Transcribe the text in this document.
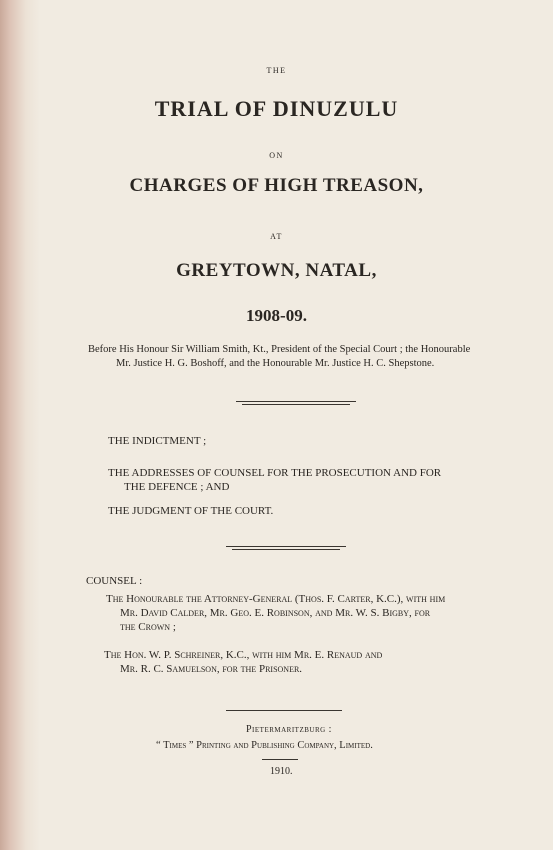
THE
TRIAL OF DINUZULU
ON
CHARGES OF HIGH TREASON,
AT
GREYTOWN, NATAL,
1908-09.
Before His Honour Sir William Smith, Kt., President of the Special Court ; the Honourable
Mr. Justice H. G. Boshoff, and the Honourable Mr. Justice H. C. Shepstone.
THE INDICTMENT ;
THE ADDRESSES OF COUNSEL FOR THE PROSECUTION AND FOR
THE DEFENCE ; AND
THE JUDGMENT OF THE COURT.
COUNSEL :
The Honourable the Attorney-General (Thos. F. Carter, K.C.), with him
Mr. David Calder, Mr. Geo. E. Robinson, and Mr. W. S. Bigby, for
the Crown ;
The Hon. W. P. Schreiner, K.C., with him Mr. E. Renaud and
Mr. R. C. Samuelson, for the Prisoner.
Pietermaritzburg :
“ Times ” Printing and Publishing Company, Limited.
1910.
